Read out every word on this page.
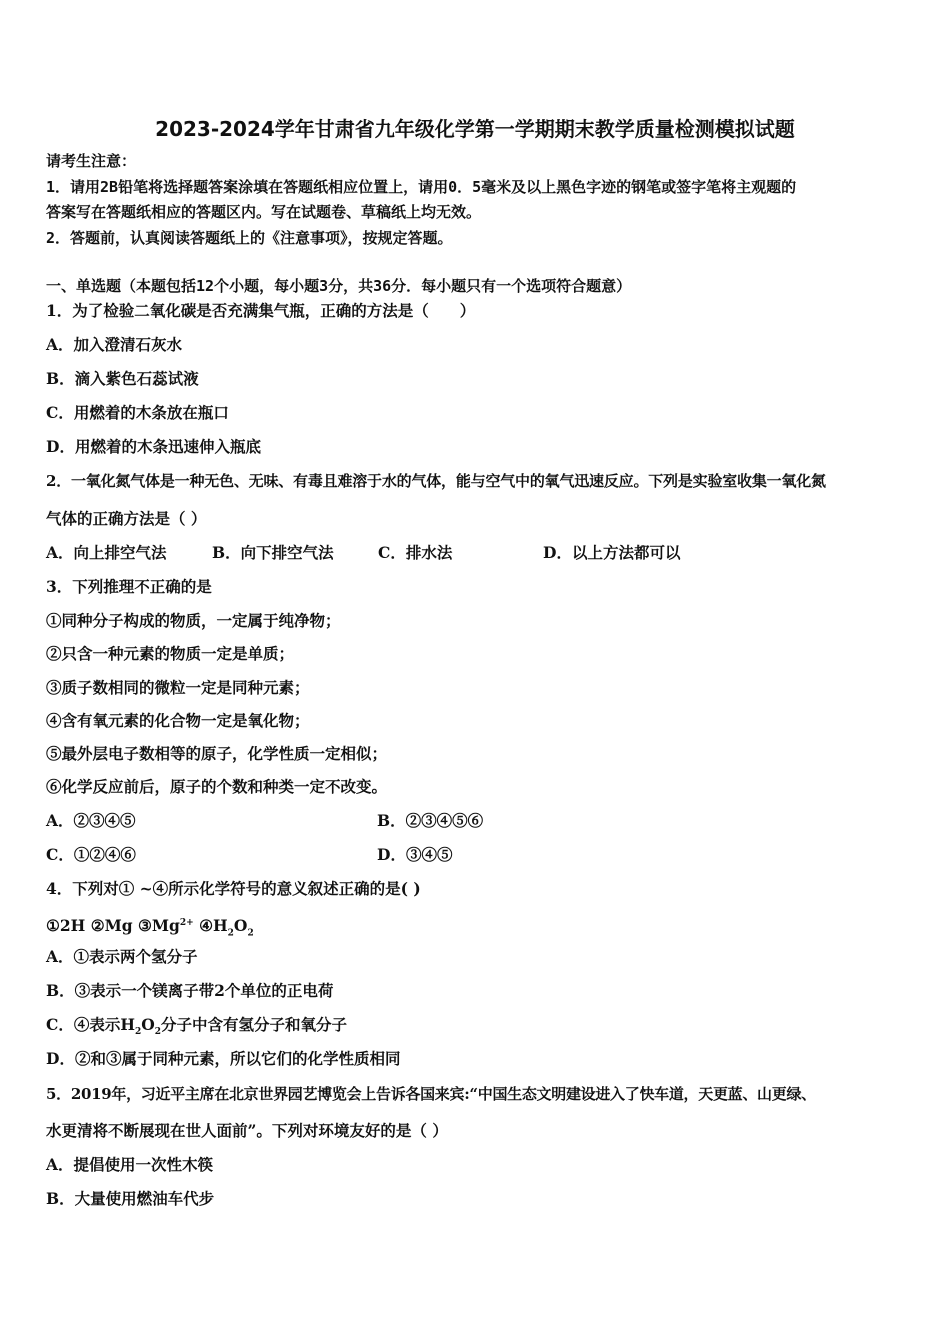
2023-2024学年甘肃省九年级化学第一学期期末教学质量检测模拟试题
请考生注意：
1．请用2B铅笔将选择题答案涂填在答题纸相应位置上，请用0．5毫米及以上黑色字迹的钢笔或签字笔将主观题的
答案写在答题纸相应的答题区内。写在试题卷、草稿纸上均无效。
2．答题前，认真阅读答题纸上的《注意事项》，按规定答题。
一、单选题（本题包括12个小题，每小题3分，共36分．每小题只有一个选项符合题意）
1．为了检验二氧化碳是否充满集气瓶，正确的方法是（　　）
A．加入澄清石灰水
B．滴入紫色石蕊试液
C．用燃着的木条放在瓶口
D．用燃着的木条迅速伸入瓶底
2．一氧化氮气体是一种无色、无味、有毒且难溶于水的气体，能与空气中的氧气迅速反应。下列是实验室收集一氧化氮
气体的正确方法是（ ）
A．向上排空气法	B．向下排空气法	C．排水法	D．以上方法都可以
3．下列推理不正确的是
①同种分子构成的物质，一定属于纯净物；
②只含一种元素的物质一定是单质；
③质子数相同的微粒一定是同种元素；
④含有氧元素的化合物一定是氧化物；
⑤最外层电子数相等的原子，化学性质一定相似；
⑥化学反应前后，原子的个数和种类一定不改变。
A．②③④⑤	B．②③④⑤⑥
C．①②④⑥	D．③④⑤
4．下列对① ~④所示化学符号的意义叙述正确的是( )
①2H ②Mg $③Mg^{2+}$ $④H_2O_2$
A．①表示两个氢分子
B．③表示一个镁离子带2个单位的正电荷
C．④表示$H_2O_2$分子中含有氢分子和氧分子
D．②和③属于同种元素，所以它们的化学性质相同
5．2019年，习近平主席在北京世界园艺博览会上告诉各国来宾:“中国生态文明建设进入了快车道，天更蓝、山更绿、
水更清将不断展现在世人面前”。下列对环境友好的是（ ）
A．提倡使用一次性木筷
B．大量使用燃油车代步
